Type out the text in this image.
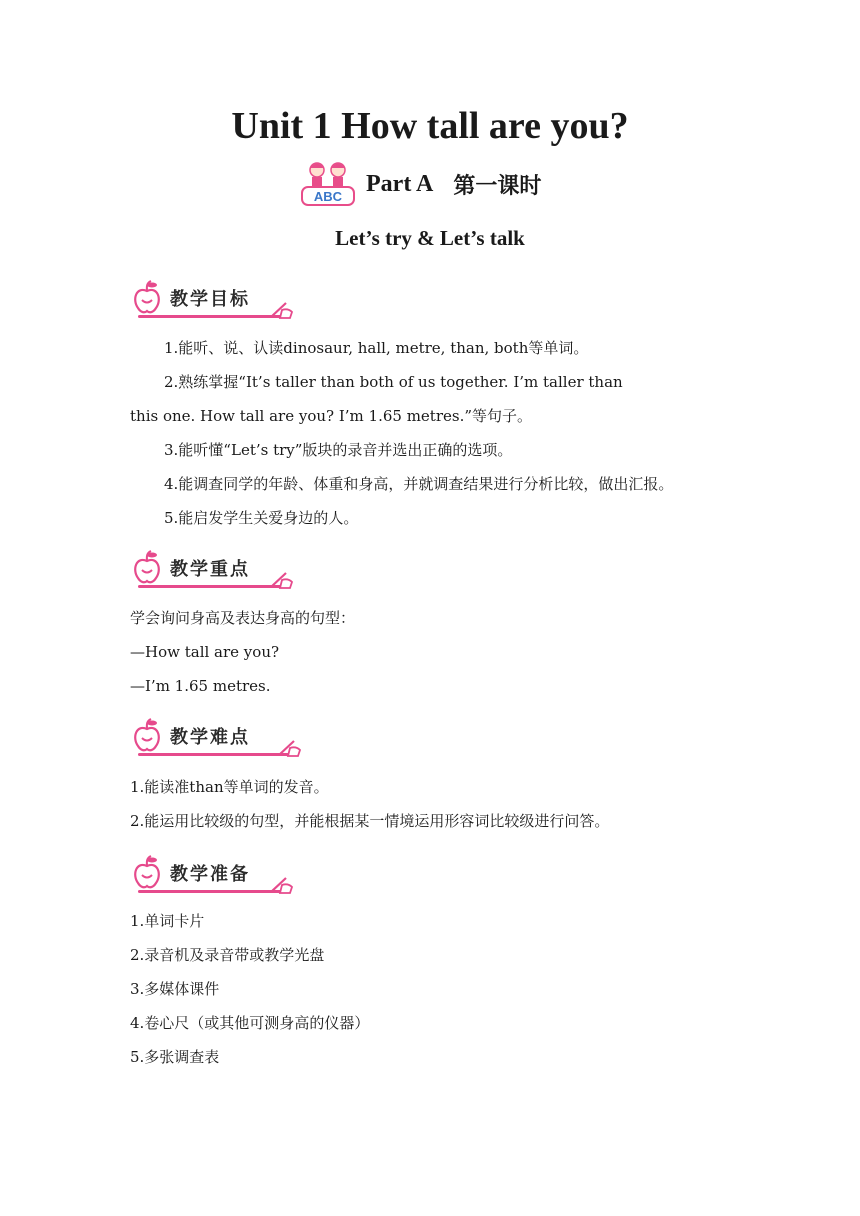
Unit 1 How tall are you?
ABC Part A 第一课时
Let’s try & Let’s talk
教学目标

1.能听、说、认读dinosaur, hall, metre, than, both等单词。

2.熟练掌握“It’s taller than both of us together. I’m taller than

this one. How tall are you? I’m 1.65 metres.”等句子。

3.能听懂“Let’s try”版块的录音并选出正确的选项。

4.能调查同学的年龄、体重和身高，并就调查结果进行分析比较，做出汇报。

5.能启发学生关爱身边的人。

教学重点

学会询问身高及表达身高的句型：

—How tall are you?

—I’m 1.65 metres.

教学难点

1.能读准than等单词的发音。

2.能运用比较级的句型，并能根据某一情境运用形容词比较级进行问答。

教学准备

1.单词卡片

2.录音机及录音带或教学光盘

3.多媒体课件

4.卷心尺（或其他可测身高的仪器）

5.多张调查表
